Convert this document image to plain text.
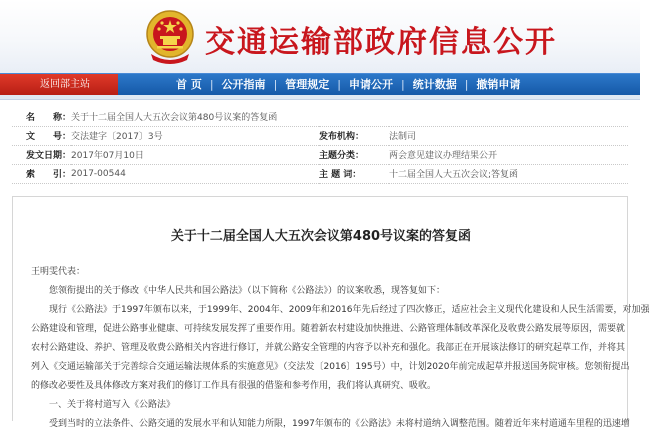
交通运输部政府信息公开
返回部主站	首 页 | 公开指南 | 管理规定 | 申请公开 | 统计数据 | 撤销申请
名　　称：	关于十二届全国人大五次会议第480号议案的答复函		
文　　号：	交法建字〔2017〕3号	发布机构：	法制司
发文日期：	2017年07月10日	主题分类：	两会意见建议办理结果公开
索　　引：	2017-00544	主 题 词：	十二届全国人大五次会议;答复函
关于十二届全国人大五次会议第480号议案的答复函
王明雯代表：
您领衔提出的关于修改《中华人民共和国公路法》（以下简称《公路法》）的议案收悉，现答复如下：
现行《公路法》于1997年颁布以来，于1999年、2004年、2009年和2016年先后经过了四次修正，适应社会主义现代化建设和人民生活需要，对加强
公路建设和管理，促进公路事业健康、可持续发展发挥了重要作用。随着新农村建设加快推进、公路管理体制改革深化及收费公路发展等原因，需要就
农村公路建设、养护、管理及收费公路相关内容进行修订，并就公路安全管理的内容予以补充和强化。我部正在开展该法修订的研究起草工作，并将其
列入《交通运输部关于完善综合交通运输法规体系的实施意见》（交法发〔2016〕195号）中，计划2020年前完成起草并报送国务院审核。您领衔提出
的修改必要性及具体修改方案对我们的修订工作具有很强的借鉴和参考作用，我们将认真研究、吸收。
一、关于将村道写入《公路法》
受到当时的立法条件、公路交通的发展水平和认知能力所限，1997年颁布的《公路法》未将村道纳入调整范围。随着近年来村道通车里程的迅速增
